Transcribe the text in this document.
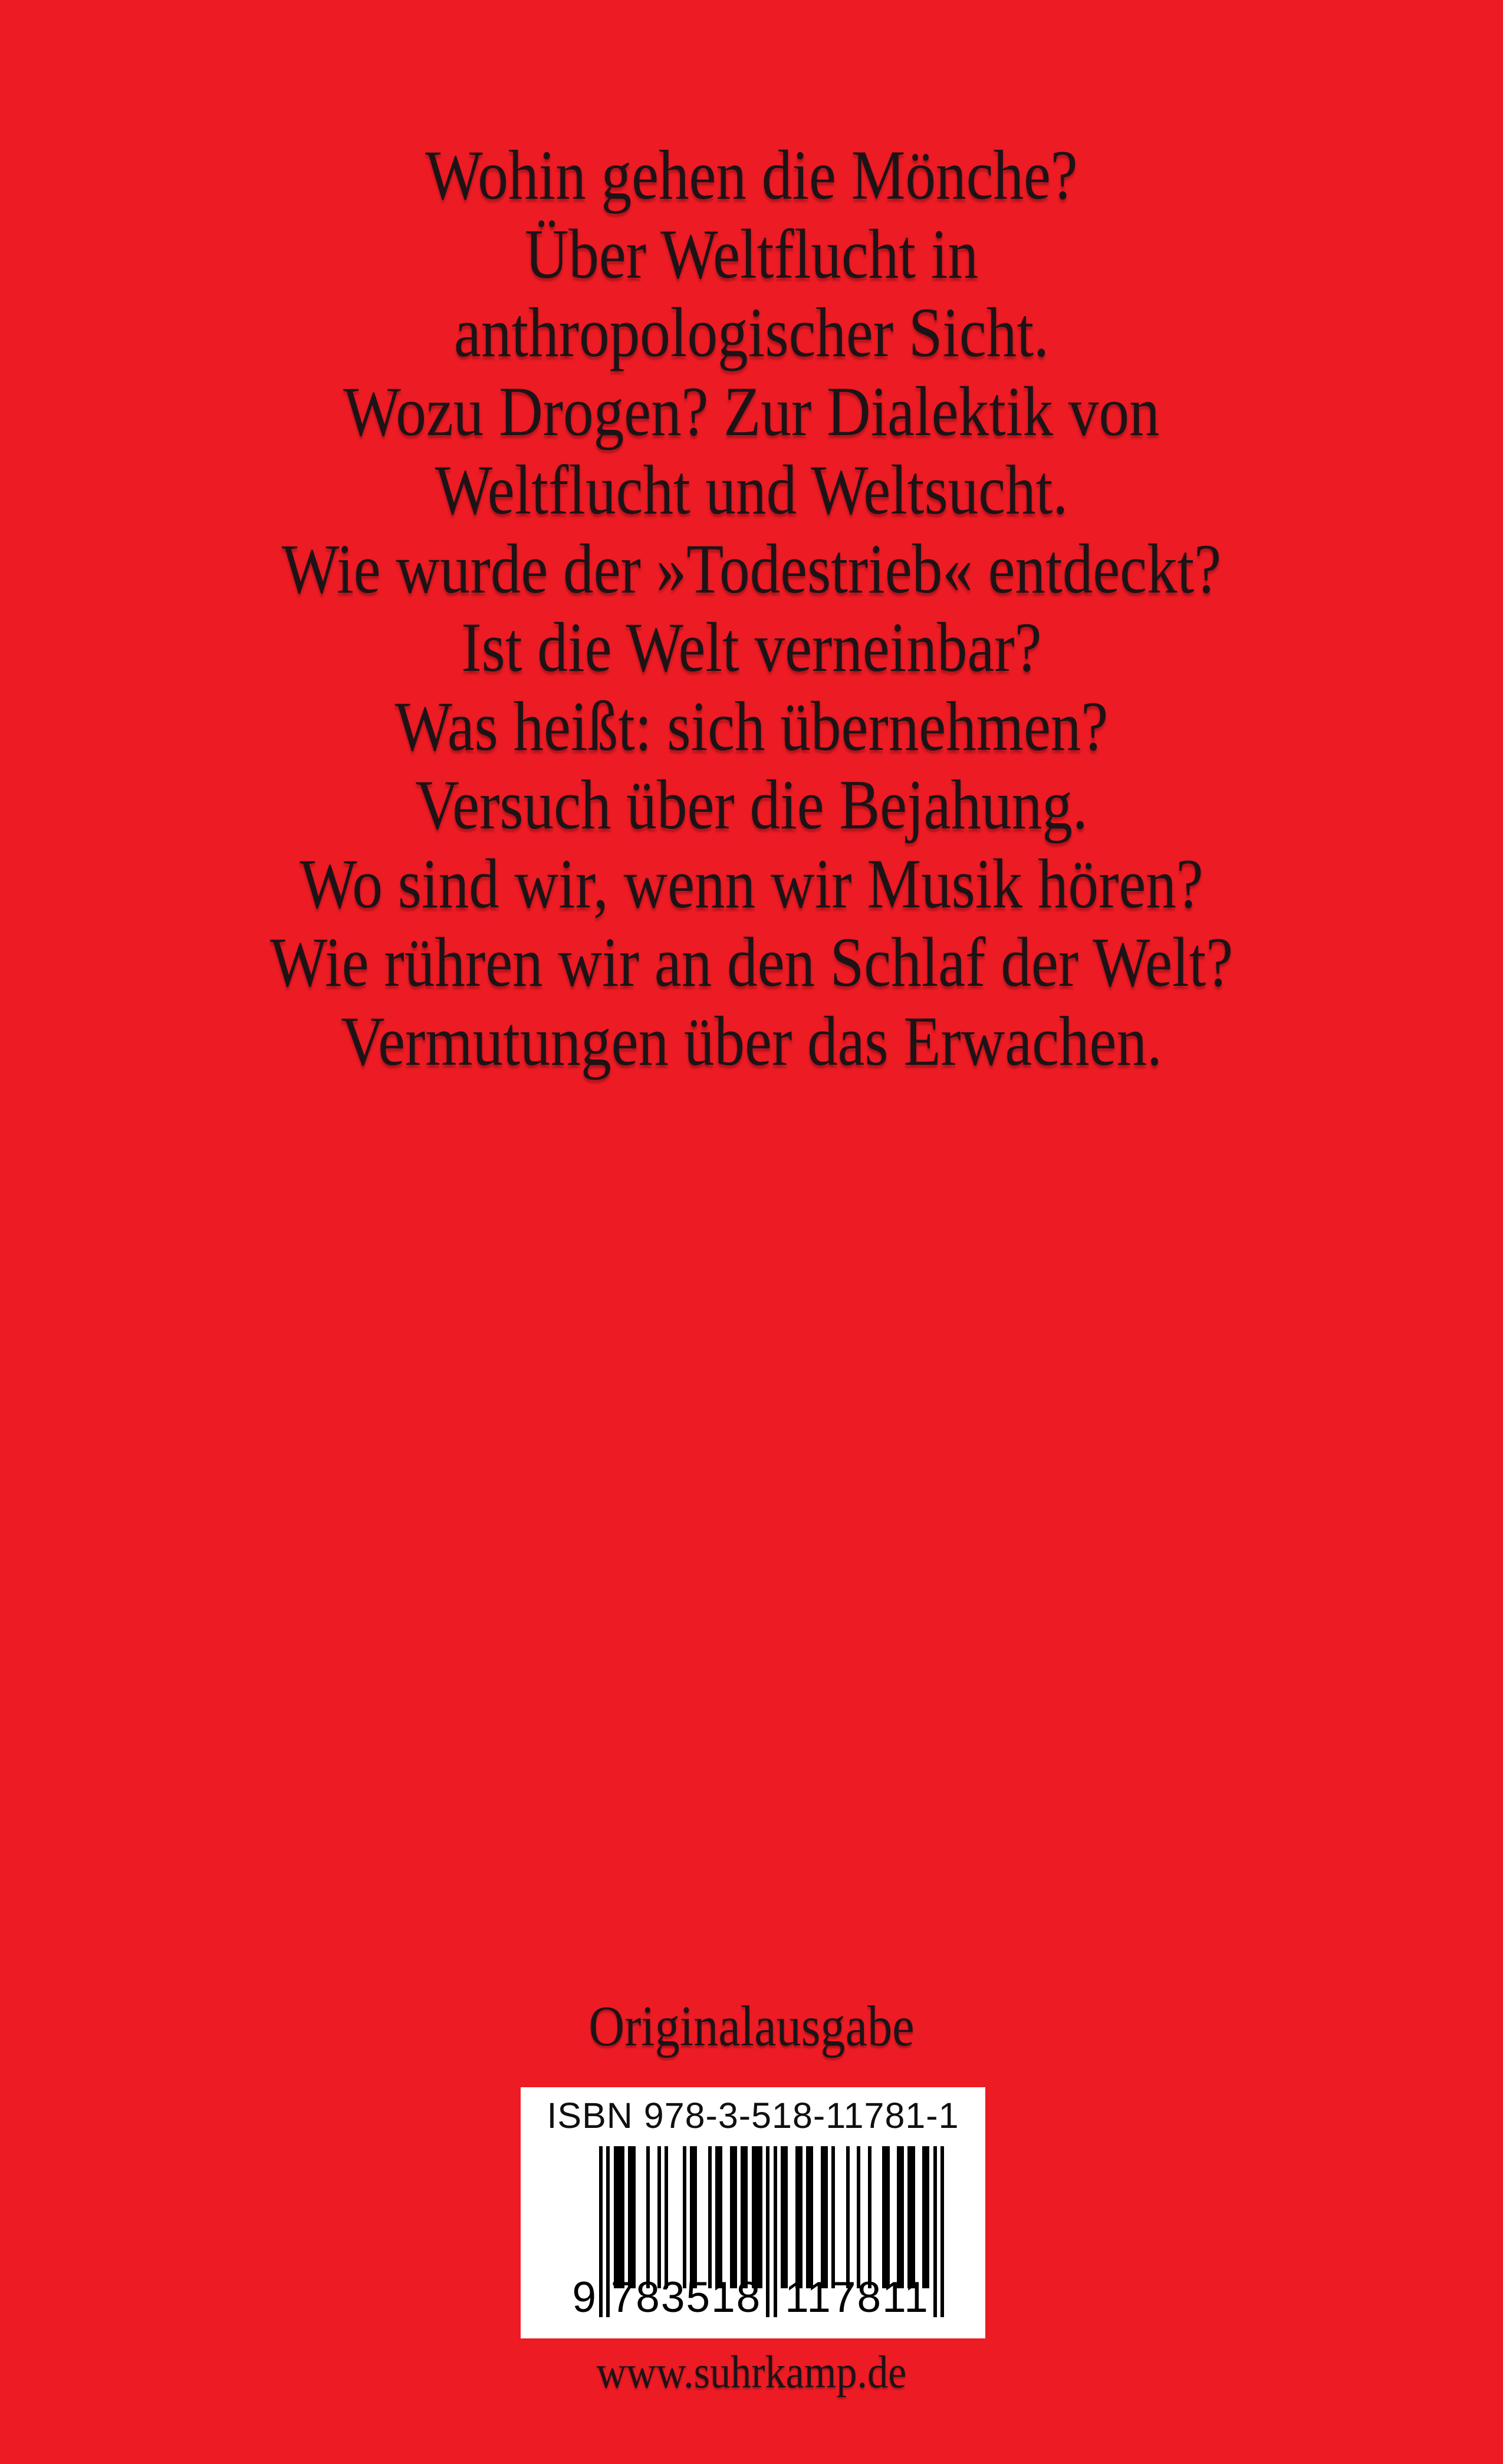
Wohin gehen die Mönche?
Über Weltflucht in
anthropologischer Sicht.
Wozu Drogen? Zur Dialektik von
Weltflucht und Weltsucht.
Wie wurde der »Todestrieb« entdeckt?
Ist die Welt verneinbar?
Was heißt: sich übernehmen?
Versuch über die Bejahung.
Wo sind wir, wenn wir Musik hören?
Wie rühren wir an den Schlaf der Welt?
Vermutungen über das Erwachen.
Originalausgabe
ISBN 978-3-518-11781-1
9 783518 117811
www.suhrkamp.de
